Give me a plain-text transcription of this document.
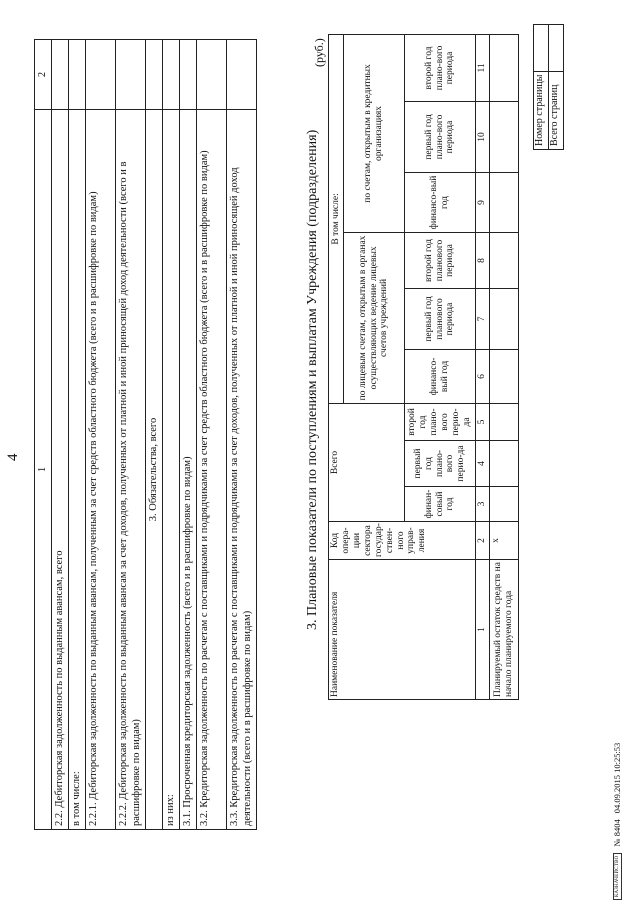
4
1	2
2.2. Дебиторская задолженность по выданным авансам, всего	
в том числе:	
2.2.1. Дебиторская задолженность по выданным авансам, полученным за счет средств областного бюджета (всего и в расшифровке по видам)	
2.2.2. Дебиторская задолженность по выданным авансам за счет доходов, полученных от платной и иной приносящей доход деятельности (всего и в расшифровке по видам)	
3. Обязательства, всего	
из них:	
3.1. Просроченная кредиторская задолженность (всего и в расшифровке по видам)	
3.2. Кредиторская задолженность по расчетам с поставщиками и подрядчиками за счет средств областного бюджета (всего и в расшифровке по видам)	
3.3. Кредиторская задолженность по расчетам с поставщиками и подрядчиками за счет доходов, полученных от платной и иной приносящей доход деятельности (всего и в расшифровке по видам)	
3. Плановые показатели по поступлениям и выплатам Учреждения (подразделения)
(руб.)
Наименование показателя	Код опера-ции сектора государ-ствен-ного управ-ления	Всего			В том числе:					
					по лицевым счетам, открытым в органах осуществляющих ведение лицевых счетов учреждений			по счетам, открытым в кредитных организациях		
		финан-совый год	первый год плано-вого перио-да	второй год плано-вого перио-да	финансо-вый год	первый год планового периода	второй год планового периода	финансо-вый год	первый год плано-вого периода	второй год плано-вого периода
1	2	3	4	5	6	7	8	9	10	11
Планируемый остаток средств на начало планируемого года	x									
КАЗНАЧЕЙСТВО
№ 8404
04.09.2015 10:25:53
Номер страницы	
Всего страниц	
